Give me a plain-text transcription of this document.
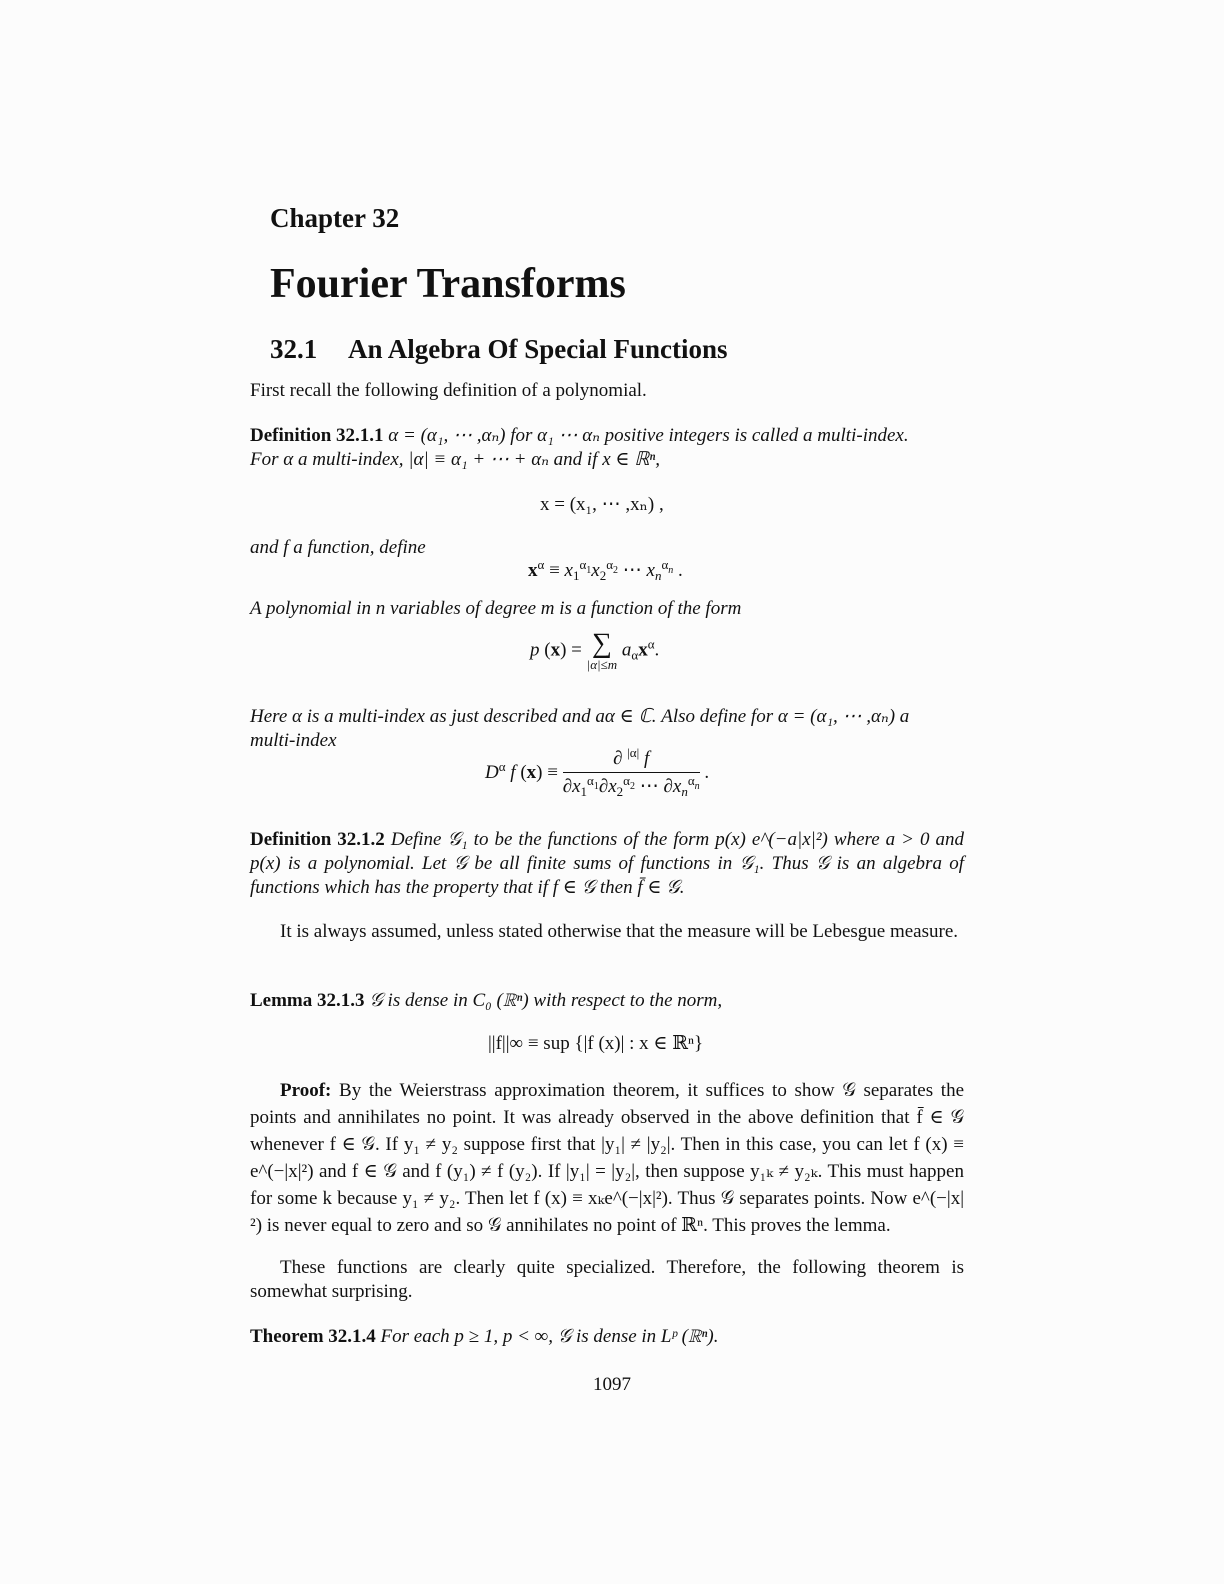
Chapter 32
Fourier Transforms
32.1 An Algebra Of Special Functions
First recall the following definition of a polynomial.
Definition 32.1.1 α = (α₁, ⋯ ,αₙ) for α₁ ⋯ αₙ positive integers is called a multi-index.
For α a multi-index, |α| ≡ α₁ + ⋯ + αₙ and if x ∈ ℝⁿ,
x = (x₁, ⋯ ,xₙ) ,
and f a function, define
$x^\alpha \equiv x_1^{\alpha_1}x_2^{\alpha_2}$ ⋯ $x_n^{\alpha_n}$ .
A polynomial in n variables of degree m is a function of the form
p (x) = ∑
|α|≤m
$a_\alpha x^\alpha$.
Here α is a multi-index as just described and aα ∈ ℂ. Also define for α = (α₁, ⋯ ,αₙ) a
multi-index
$D^\alpha$ f $(x) \equiv \frac{\partial ^{|\alpha|} f}{\partial x_1^{\alpha_1}\partial x_2^{\alpha_2} \cdots \partial x_n^{\alpha_n}}$ .
Definition 32.1.2 Define 𝒢₁ to be the functions of the form p(x) e^(−a|x|²) where a > 0 and p(x) is a polynomial. Let 𝒢 be all finite sums of functions in 𝒢₁. Thus 𝒢 is an algebra of functions which has the property that if f ∈ 𝒢 then f̄ ∈ 𝒢.
It is always assumed, unless stated otherwise that the measure will be Lebesgue measure.
Lemma 32.1.3 𝒢 is dense in C₀ (ℝⁿ) with respect to the norm,
||f||∞ ≡ sup {|f (x)| : x ∈ ℝⁿ}
Proof: By the Weierstrass approximation theorem, it suffices to show 𝒢 separates the points and annihilates no point. It was already observed in the above definition that f̄ ∈ 𝒢 whenever f ∈ 𝒢. If y₁ ≠ y₂ suppose first that |y₁| ≠ |y₂|. Then in this case, you can let f (x) ≡ e^(−|x|²) and f ∈ 𝒢 and f (y₁) ≠ f (y₂). If |y₁| = |y₂|, then suppose y₁ₖ ≠ y₂ₖ. This must happen for some k because y₁ ≠ y₂. Then let f (x) ≡ xₖe^(−|x|²). Thus 𝒢 separates points. Now e^(−|x|²) is never equal to zero and so 𝒢 annihilates no point of ℝⁿ. This proves the lemma.
These functions are clearly quite specialized. Therefore, the following theorem is somewhat surprising.
Theorem 32.1.4 For each p ≥ 1, p < ∞, 𝒢 is dense in Lᵖ (ℝⁿ).
1097
